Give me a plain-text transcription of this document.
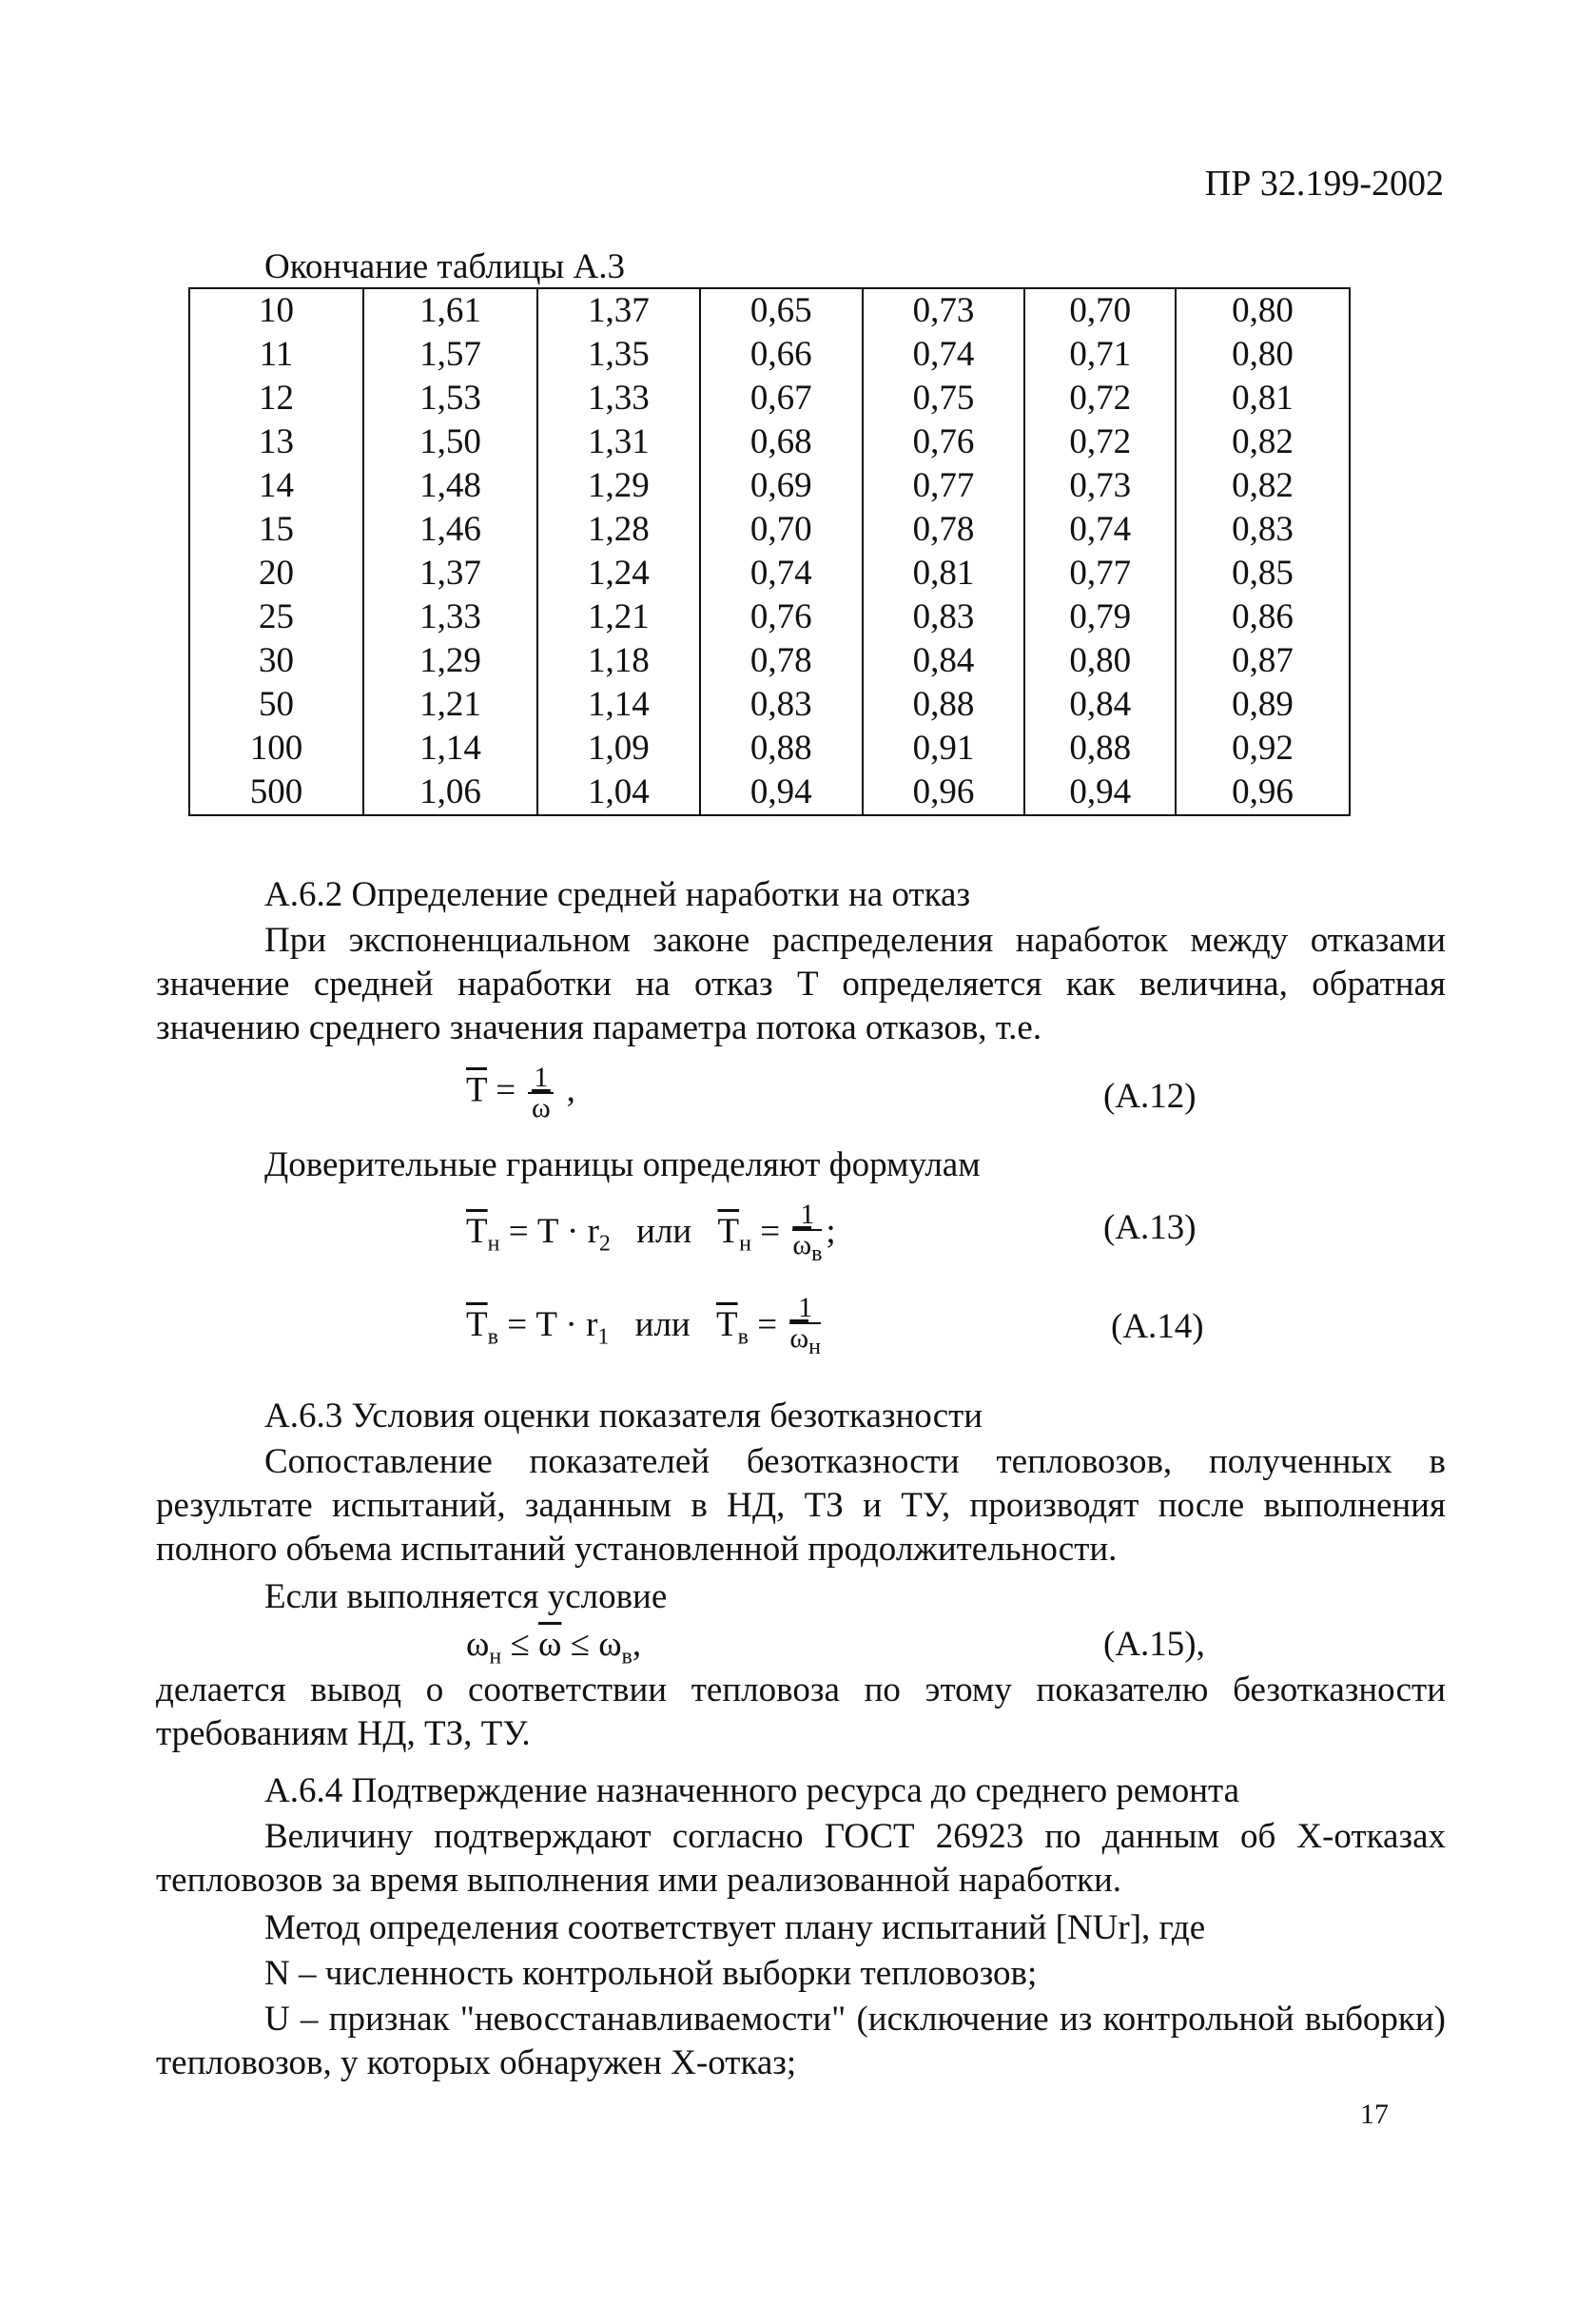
ПР 32.199-2002
Окончание таблицы А.3
10	1,61	1,37	0,65	0,73	0,70	0,80
11	1,57	1,35	0,66	0,74	0,71	0,80
12	1,53	1,33	0,67	0,75	0,72	0,81
13	1,50	1,31	0,68	0,76	0,72	0,82
14	1,48	1,29	0,69	0,77	0,73	0,82
15	1,46	1,28	0,70	0,78	0,74	0,83
20	1,37	1,24	0,74	0,81	0,77	0,85
25	1,33	1,21	0,76	0,83	0,79	0,86
30	1,29	1,18	0,78	0,84	0,80	0,87
50	1,21	1,14	0,83	0,88	0,84	0,89
100	1,14	1,09	0,88	0,91	0,88	0,92
500	1,06	1,04	0,94	0,96	0,94	0,96
А.6.2 Определение средней наработки на отказ
При экспоненциальном законе распределения наработок между отказами значение средней наработки на отказ T определяется как величина, обратная значению среднего значения параметра потока отказов, т.е.
$\overline{T} = \frac{1}{\omega}$ ,	(А.12)
Доверительные границы определяют формулам
$\overline{T}_н = T \cdot r_2$ или $\overline{T}_н = \frac{1}{\overline{\omega}_в}$ ;	(А.13)
$\overline{T}_в = T \cdot r_1$ или $\overline{T}_в = \frac{1}{\overline{\omega}_н}$	(А.14)
А.6.3 Условия оценки показателя безотказности
Сопоставление показателей безотказности тепловозов, полученных в результате испытаний, заданным в НД, ТЗ и ТУ, производят после выполнения полного объема испытаний установленной продолжительности.
Если выполняется условие
$\omega_н \le \overline{\omega} \le \omega_в$,	(А.15),
делается вывод о соответствии тепловоза по этому показателю безотказности требованиям НД, ТЗ, ТУ.
А.6.4 Подтверждение назначенного ресурса до среднего ремонта
Величину подтверждают согласно ГОСТ 26923 по данным об Х-отказах тепловозов за время выполнения ими реализованной наработки.
Метод определения соответствует плану испытаний [NUr], где
N – численность контрольной выборки тепловозов;
U – признак "невосстанавливаемости" (исключение из контрольной выборки) тепловозов, у которых обнаружен Х-отказ;
17
